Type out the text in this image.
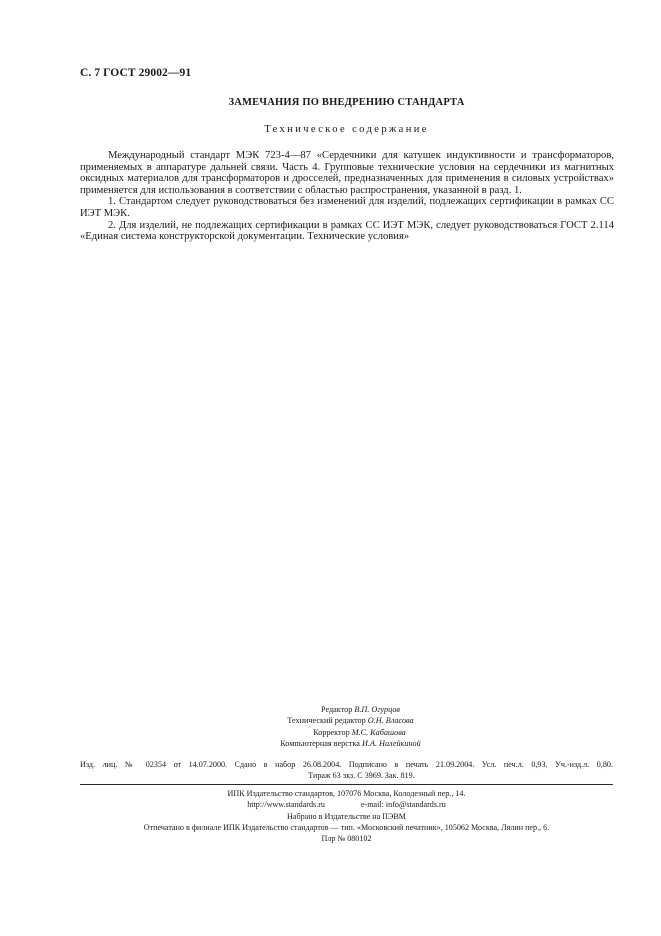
С. 7 ГОСТ 29002—91
ЗАМЕЧАНИЯ ПО ВНЕДРЕНИЮ СТАНДАРТА
Техническое содержание

Международный стандарт МЭК 723-4—87 «Сердечники для катушек индуктивности и трансформаторов, применяемых в аппаратуре дальней связи. Часть 4. Групповые технические условия на сердечники из магнитных оксидных материалов для трансформаторов и дросселей, предназначенных для применения в силовых устройствах» применяется для использования в соответствии с областью распространения, указанной в разд. 1.

1. Стандартом следует руководствоваться без изменений для изделий, подлежащих сертификации в рамках СС ИЭТ МЭК.

2. Для изделий, не подлежащих сертификации в рамках СС ИЭТ МЭК, следует руководствоваться ГОСТ 2.114 «Единая система конструкторской документации. Технические условия»

Редактор В.П. Огурцов
Технический редактор О.Н. Власова
Корректор М.С. Кабашова
Компьютерная верстка И.А. Налейкиной
Изд. лиц. № 02354 от 14.07.2000. Сдано в набор 26.08.2004. Подписано в печать 21.09.2004. Усл. печ.л. 0,93. Уч.-изд.л. 0,80.
Тираж 63 экз. С 3969. Зак. 819.
ИПК Издательство стандартов, 107076 Москва, Колодезный пер., 14.
http://www.standards.ru	e-mail: info@standards.ru
Набрано в Издательстве на ПЭВМ
Отпечатано в филиале ИПК Издательство стандартов — тип. «Московский печатник», 105062 Москва, Лялин пер., 6.
Плр № 080102
